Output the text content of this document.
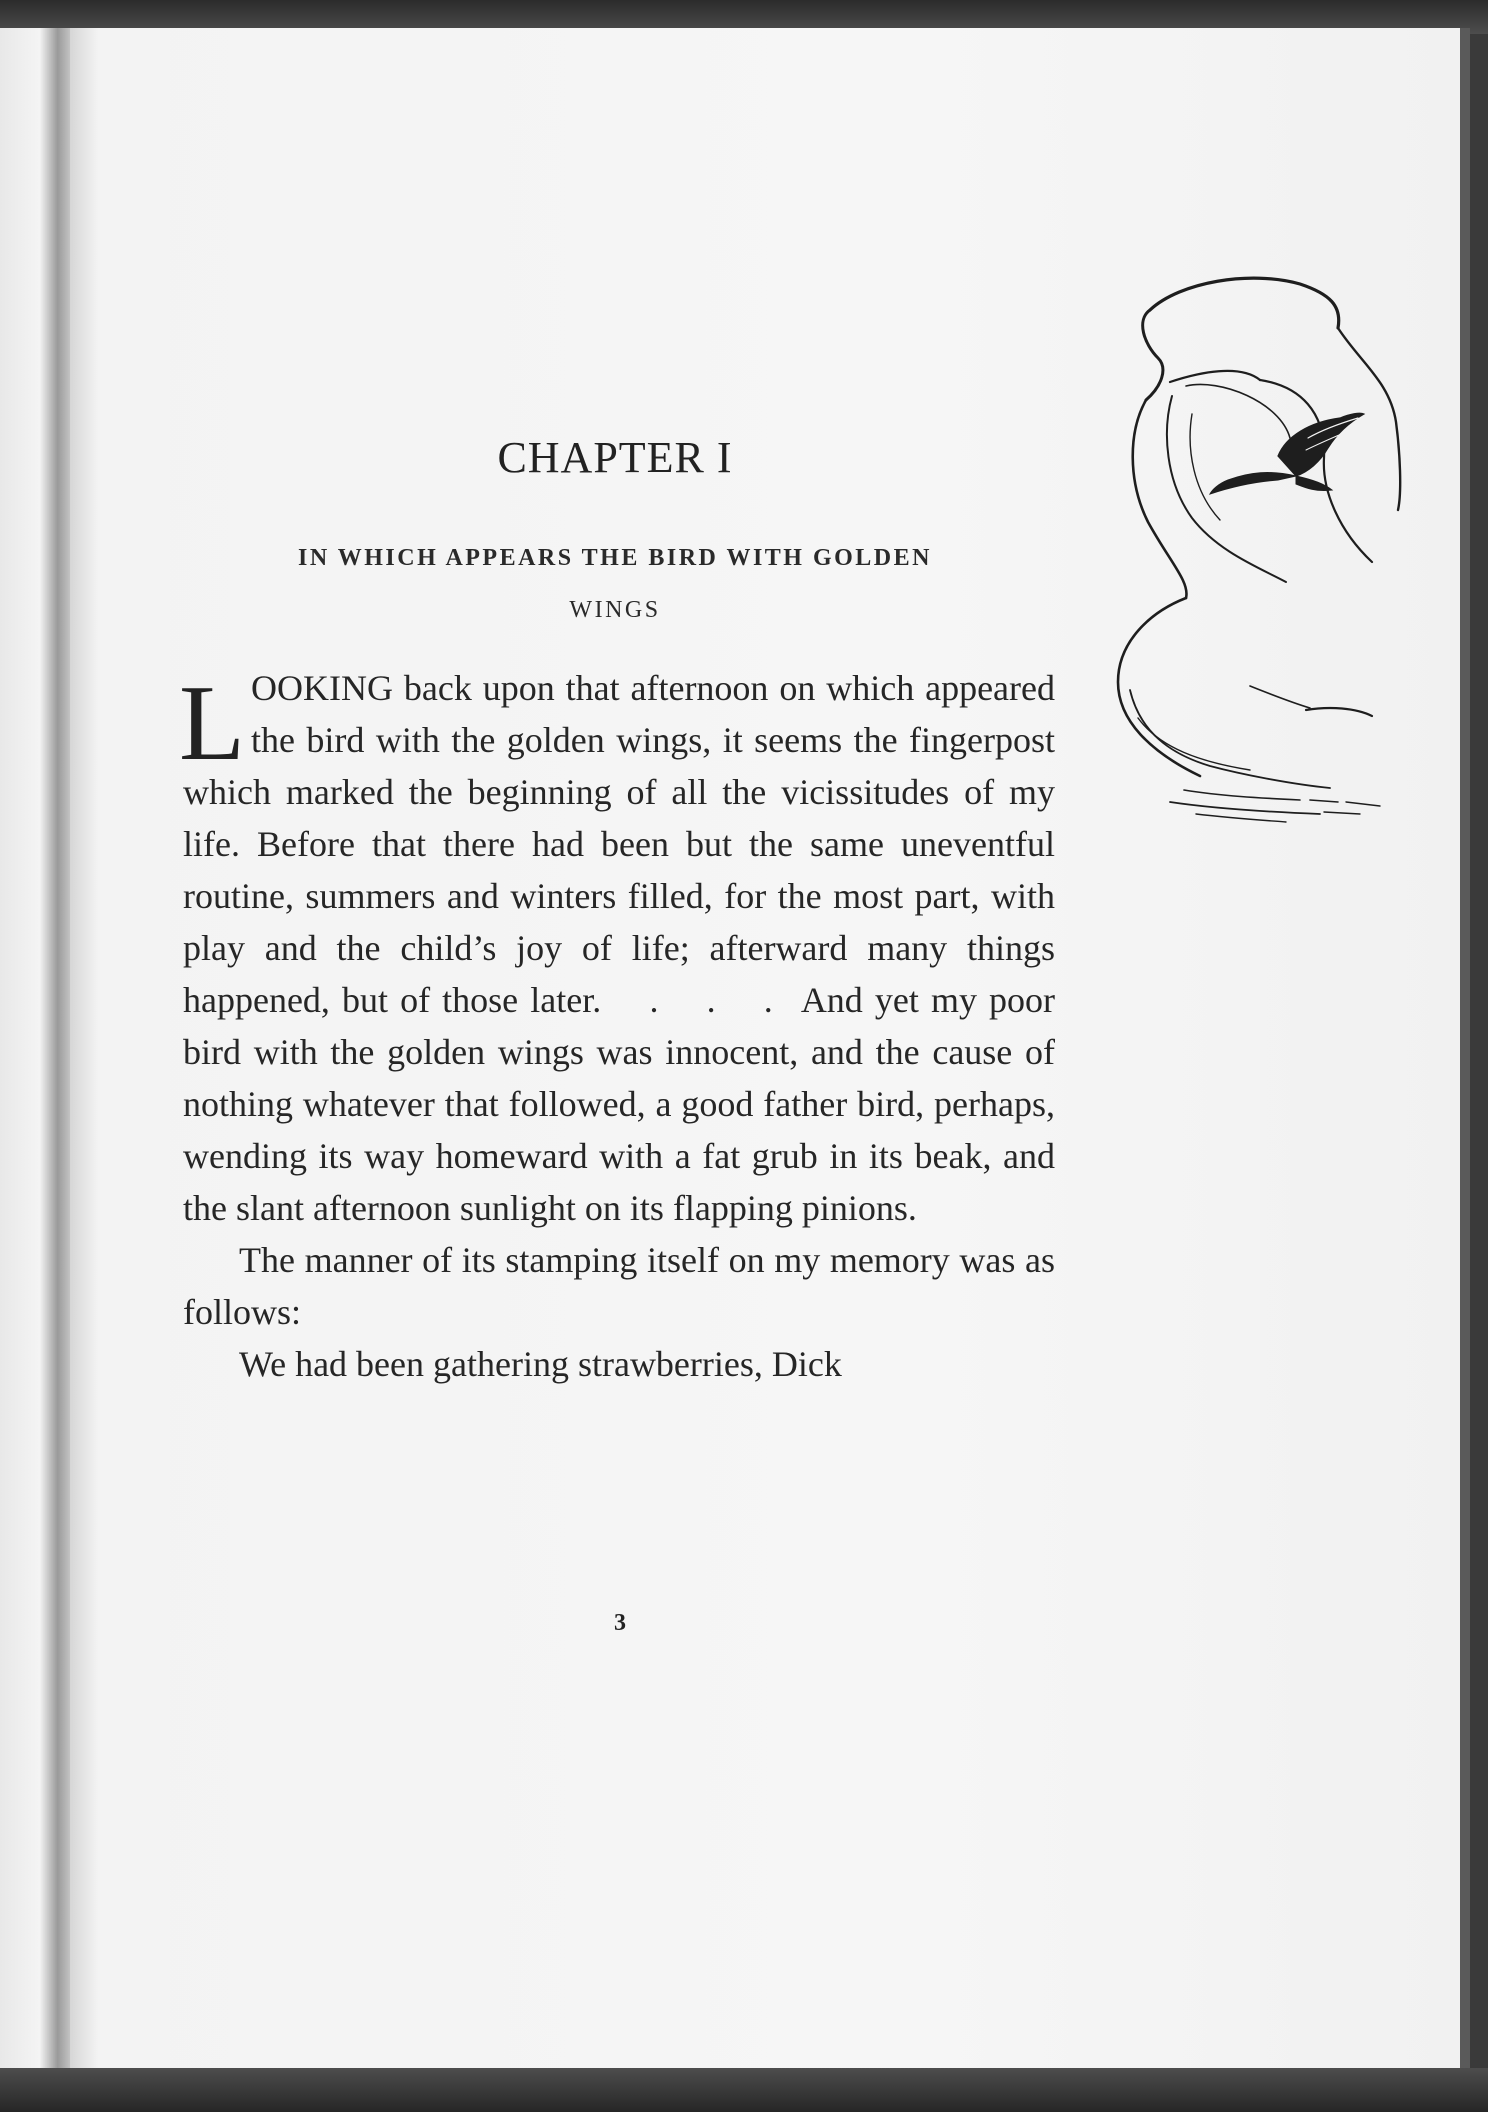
CHAPTER I
IN WHICH APPEARS THE BIRD WITH GOLDEN
WINGS

LOOKING back upon that afternoon on which appeared the bird with the golden wings, it seems the fingerpost which marked the beginning of all the vicissitudes of my life. Before that there had been but the same uneventful routine, summers and winters filled, for the most part, with play and the child’s joy of life; afterward many things happened, but of those later. . . . And yet my poor bird with the golden wings was innocent, and the cause of nothing whatever that followed, a good father bird, perhaps, wending its way homeward with a fat grub in its beak, and the slant afternoon sunlight on its flapping pinions.

The manner of its stamping itself on my memory was as follows:

We had been gathering strawberries, Dick

3
